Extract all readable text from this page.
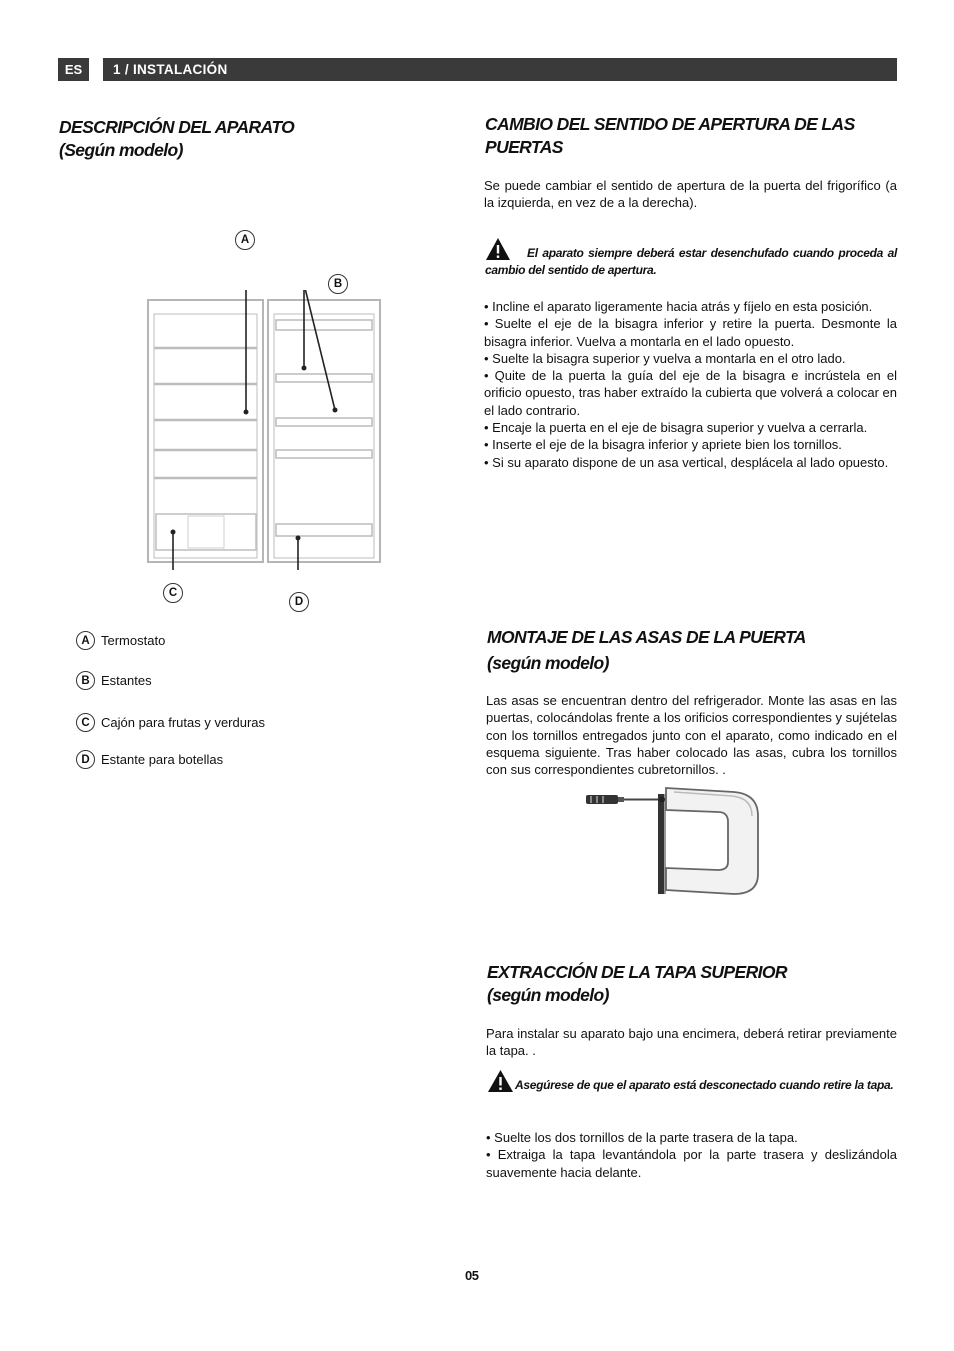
ES	1 / INSTALACIÓN
DESCRIPCIÓN DEL APARATO
(Según modelo)
A
B
C
D
A Termostato
B Estantes
C Cajón para frutas y verduras
D Estante para botellas
CAMBIO DEL SENTIDO DE APERTURA DE LAS
PUERTAS
Se puede cambiar el sentido de apertura de la puerta del frigorífico (a la izquierda, en vez de a la derecha).
El aparato siempre deberá estar desenchufado cuando proceda al cambio del sentido de apertura.
• Incline el aparato ligeramente hacia atrás y fíjelo en esta posición.
• Suelte el eje de la bisagra inferior y retire la puerta. Desmonte la bisagra inferior. Vuelva a montarla en el lado opuesto.
• Suelte la bisagra superior y vuelva a montarla en el otro lado.
• Quite de la puerta la guía del eje de la bisagra e incrústela en el orificio opuesto, tras haber extraído la cubierta que volverá a colocar en el lado contrario.
• Encaje la puerta en el eje de bisagra superior y vuelva a cerrarla.
• Inserte el eje de la bisagra inferior y apriete bien los tornillos.
• Si su aparato dispone de un asa vertical, desplácela al lado opuesto.
MONTAJE DE LAS ASAS DE LA PUERTA
(según modelo)
Las asas se encuentran dentro del refrigerador. Monte las asas en las puertas, colocándolas frente a los orificios correspondientes y sujételas con los tornillos entregados junto con el aparato, como indicado en el esquema siguiente. Tras haber colocado las asas, cubra los tornillos con sus correspondientes cubretornillos. .
EXTRACCIÓN DE LA TAPA SUPERIOR
(según modelo)
Para instalar su aparato bajo una encimera, deberá retirar previamente la tapa. .
Asegúrese de que el aparato está desconectado cuando retire la tapa.
• Suelte los dos tornillos de la parte trasera de la tapa.
• Extraiga la tapa levantándola por la parte trasera y deslizándola suavemente hacia delante.
05
